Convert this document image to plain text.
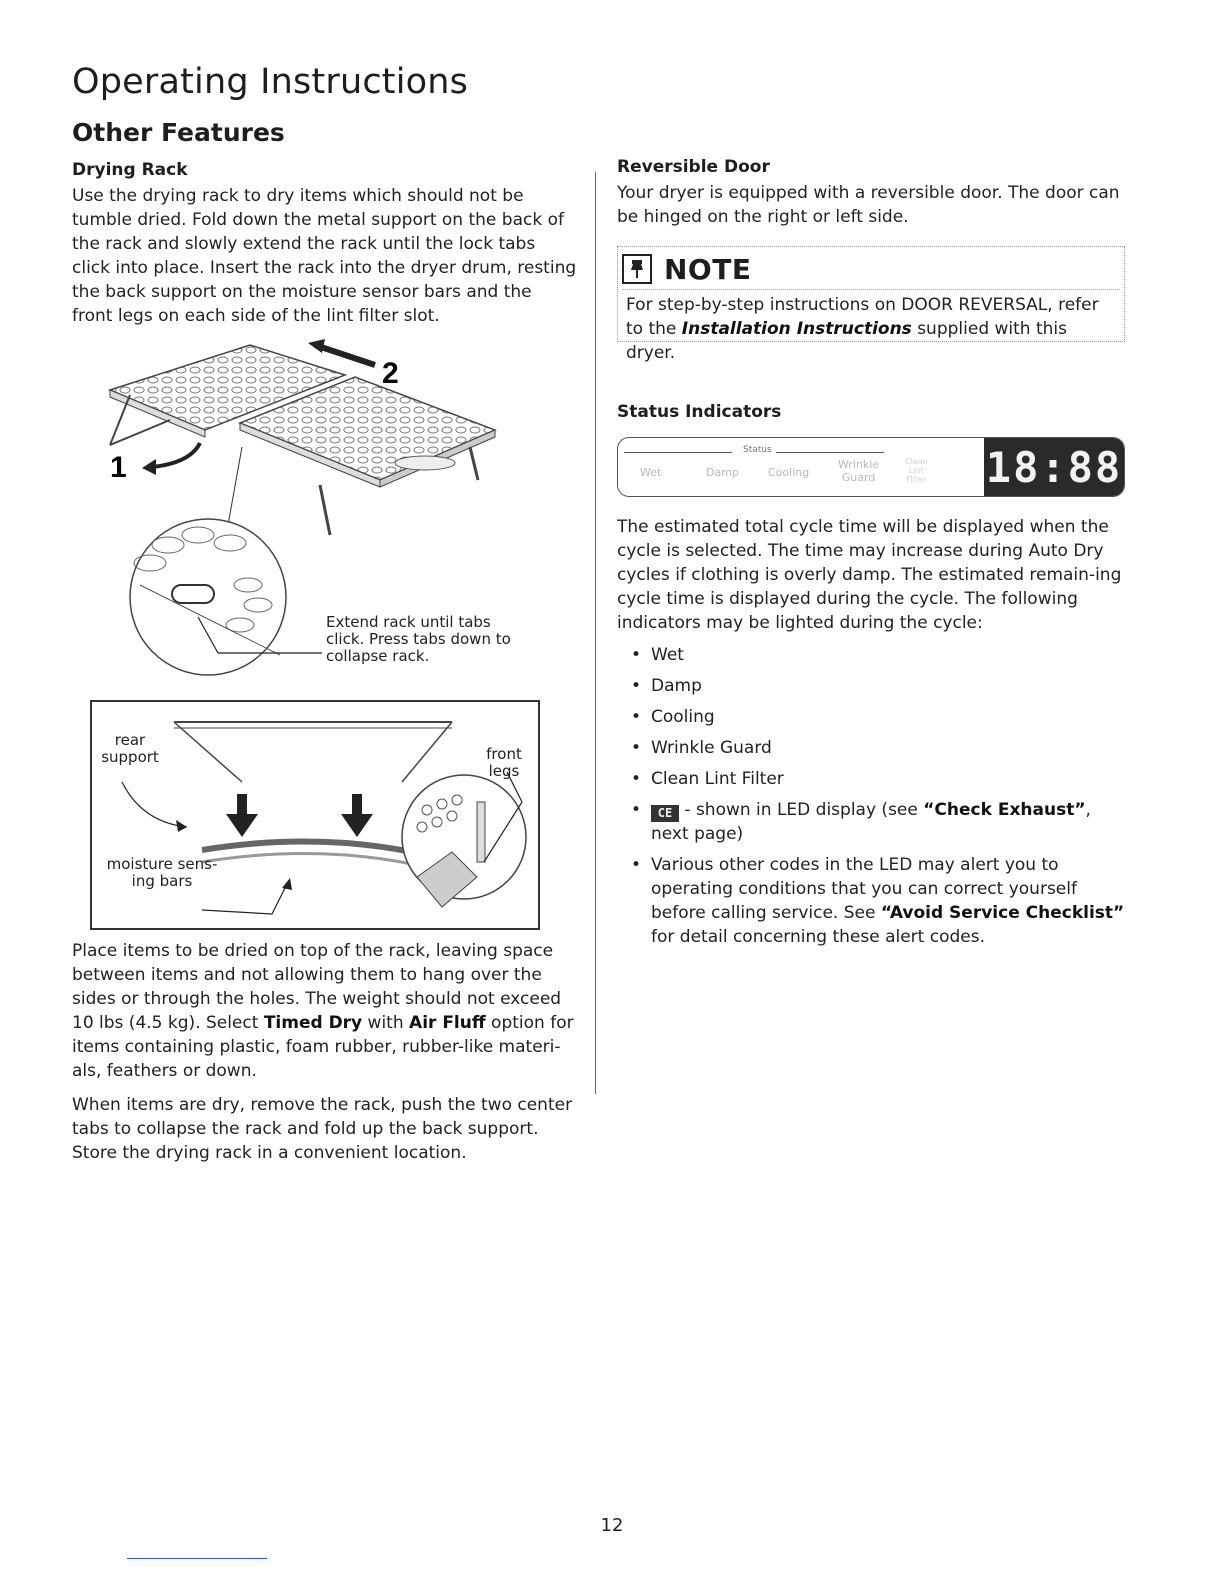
Operating Instructions
Other Features
Drying Rack

Use the drying rack to dry items which should not be tumble dried. Fold down the metal support on the back of the rack and slowly extend the rack until the lock tabs click into place. Insert the rack into the dryer drum, resting the back support on the moisture sensor bars and the front legs on each side of the lint filter slot.

2
1
Extend rack until tabs
click. Press tabs down to
collapse rack.
rear
support	front
legs
moisture sens-
ing bars

Place items to be dried on top of the rack, leaving space between items and not allowing them to hang over the sides or through the holes. The weight should not exceed 10 lbs (4.5 kg). Select Timed Dry with Air Fluff option for items containing plastic, foam rubber, rubber-like materi-als, feathers or down.

When items are dry, remove the rack, push the two center tabs to collapse the rack and fold up the back support. Store the drying rack in a convenient location.

Reversible Door

Your dryer is equipped with a reversible door. The door can be hinged on the right or left side.

NOTE
For step-by-step instructions on DOOR REVERSAL, refer to the Installation Instructions supplied with this dryer.
Status Indicators
Status
Wet	Damp	Cooling
Wrinkle
Guard
Clean
Lint
Filter 18:88

The estimated total cycle time will be displayed when the cycle is selected. The time may increase during Auto Dry cycles if clothing is overly damp. The estimated remain-ing cycle time is displayed during the cycle. The following indicators may be lighted during the cycle:

• Wet
• Damp
• Cooling
• Wrinkle Guard
• Clean Lint Filter
• CE - shown in LED display (see “Check Exhaust”, next page)
• Various other codes in the LED may alert you to operating conditions that you can correct yourself before calling service. See “Avoid Service Checklist” for detail concerning these alert codes.
12
